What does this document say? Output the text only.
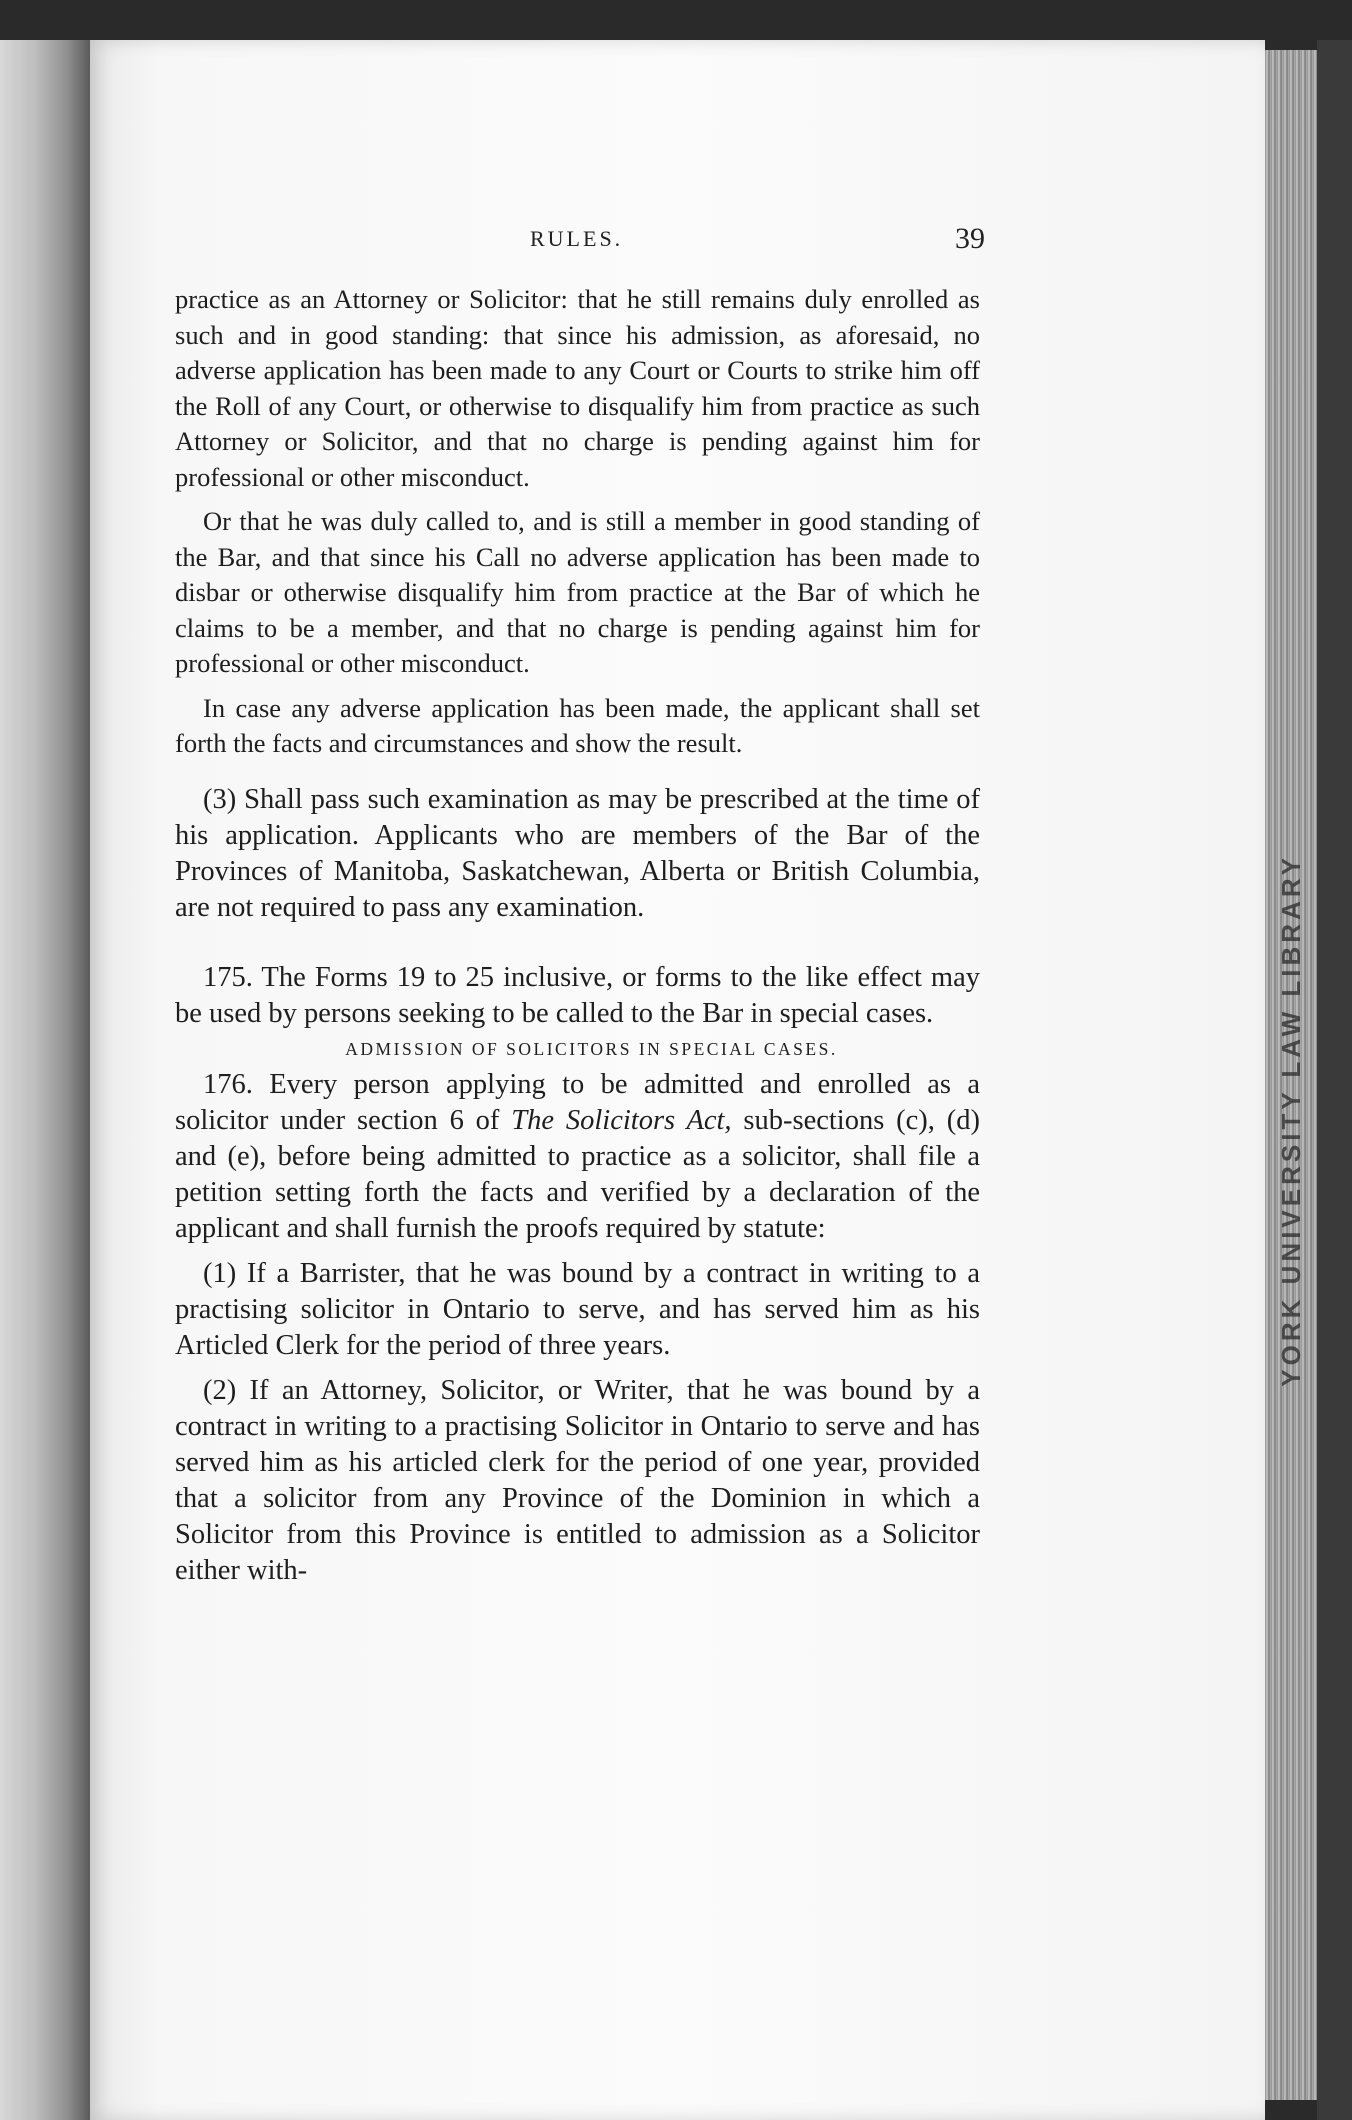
YORK UNIVERSITY LAW LIBRARY
RULES.	39

practice as an Attorney or Solicitor: that he still remains duly enrolled as such and in good standing: that since his admission, as aforesaid, no adverse application has been made to any Court or Courts to strike him off the Roll of any Court, or otherwise to disqualify him from practice as such Attorney or Solicitor, and that no charge is pending against him for professional or other misconduct.

Or that he was duly called to, and is still a member in good standing of the Bar, and that since his Call no adverse application has been made to disbar or otherwise disqualify him from practice at the Bar of which he claims to be a member, and that no charge is pending against him for professional or other misconduct.

In case any adverse application has been made, the applicant shall set forth the facts and circumstances and show the result.

(3) Shall pass such examination as may be prescribed at the time of his application. Applicants who are members of the Bar of the Provinces of Manitoba, Saskatchewan, Alberta or British Columbia, are not required to pass any examination.

175. The Forms 19 to 25 inclusive, or forms to the like effect may be used by persons seeking to be called to the Bar in special cases.

ADMISSION OF SOLICITORS IN SPECIAL CASES.

176. Every person applying to be admitted and enrolled as a solicitor under section 6 of The Solicitors Act, sub-sections (c), (d) and (e), before being admitted to practice as a solicitor, shall file a petition setting forth the facts and verified by a declaration of the applicant and shall furnish the proofs required by statute:

(1) If a Barrister, that he was bound by a contract in writing to a practising solicitor in Ontario to serve, and has served him as his Articled Clerk for the period of three years.

(2) If an Attorney, Solicitor, or Writer, that he was bound by a contract in writing to a practising Solicitor in Ontario to serve and has served him as his articled clerk for the period of one year, provided that a solicitor from any Province of the Dominion in which a Solicitor from this Province is entitled to admission as a Solicitor either with-
